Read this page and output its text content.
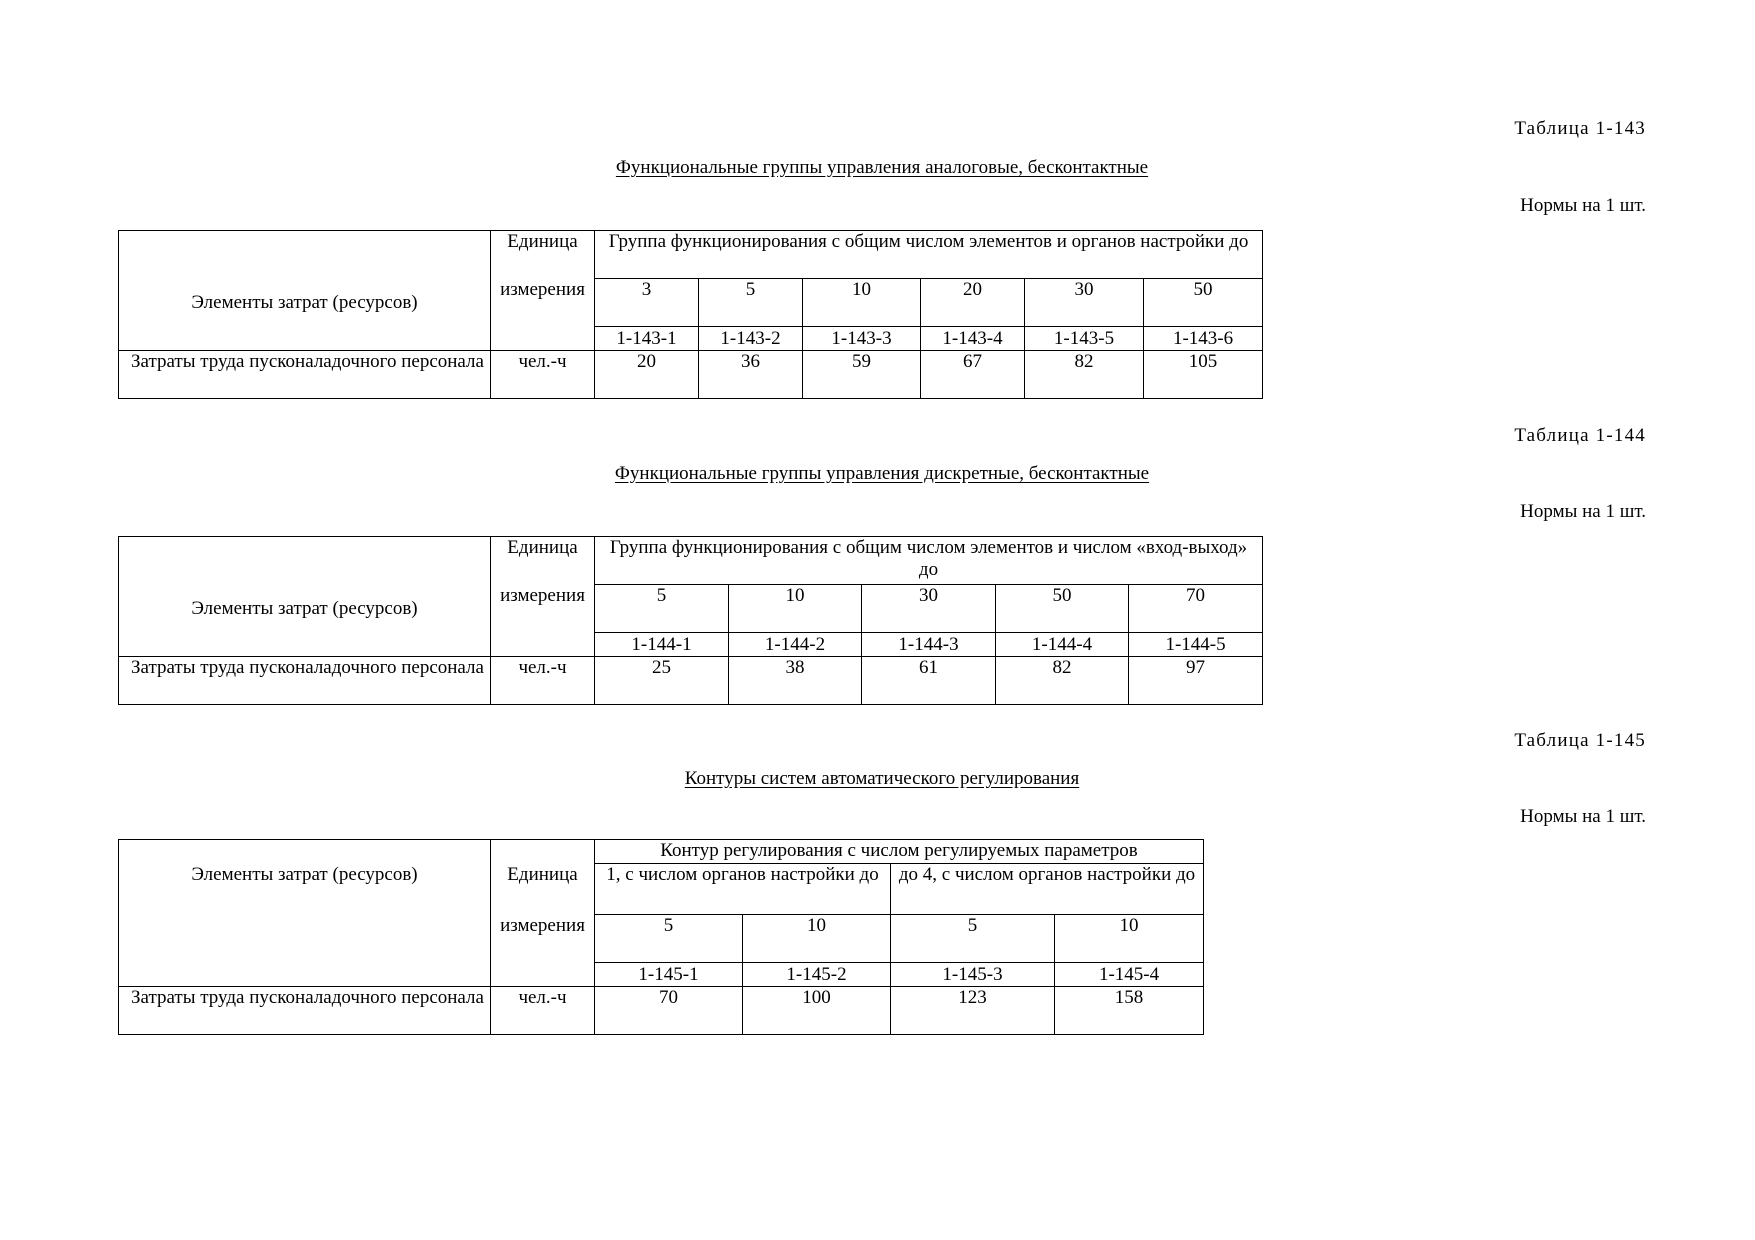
Таблица 1-143
Функциональные группы управления аналоговые, бесконтактные
Нормы на 1 шт.
	Единица	Группа функционирования с общим числом элементов и органов настройки до					
Элементы затрат (ресурсов)	измерения	3	5	10	20	30	50
		1-143-1	1-143-2	1-143-3	1-143-4	1-143-5	1-143-6
Затраты труда пусконаладочного персонала	чел.-ч	20	36	59	67	82	105
Таблица 1-144
Функциональные группы управления дискретные, бесконтактные
Нормы на 1 шт.
	Единица	Группа функционирования с общим числом элементов и числом «вход-выход» до				
Элементы затрат (ресурсов)	измерения	5	10	30	50	70
		1-144-1	1-144-2	1-144-3	1-144-4	1-144-5
Затраты труда пусконаладочного персонала	чел.-ч	25	38	61	82	97
Таблица 1-145
Контуры систем автоматического регулирования
Нормы на 1 шт.
		Контур регулирования с числом регулируемых параметров			
Элементы затрат (ресурсов)	Единица	1, с числом органов настройки до		до 4, с числом органов настройки до	
	измерения	5	10	5	10
		1-145-1	1-145-2	1-145-3	1-145-4
Затраты труда пусконаладочного персонала	чел.-ч	70	100	123	158
